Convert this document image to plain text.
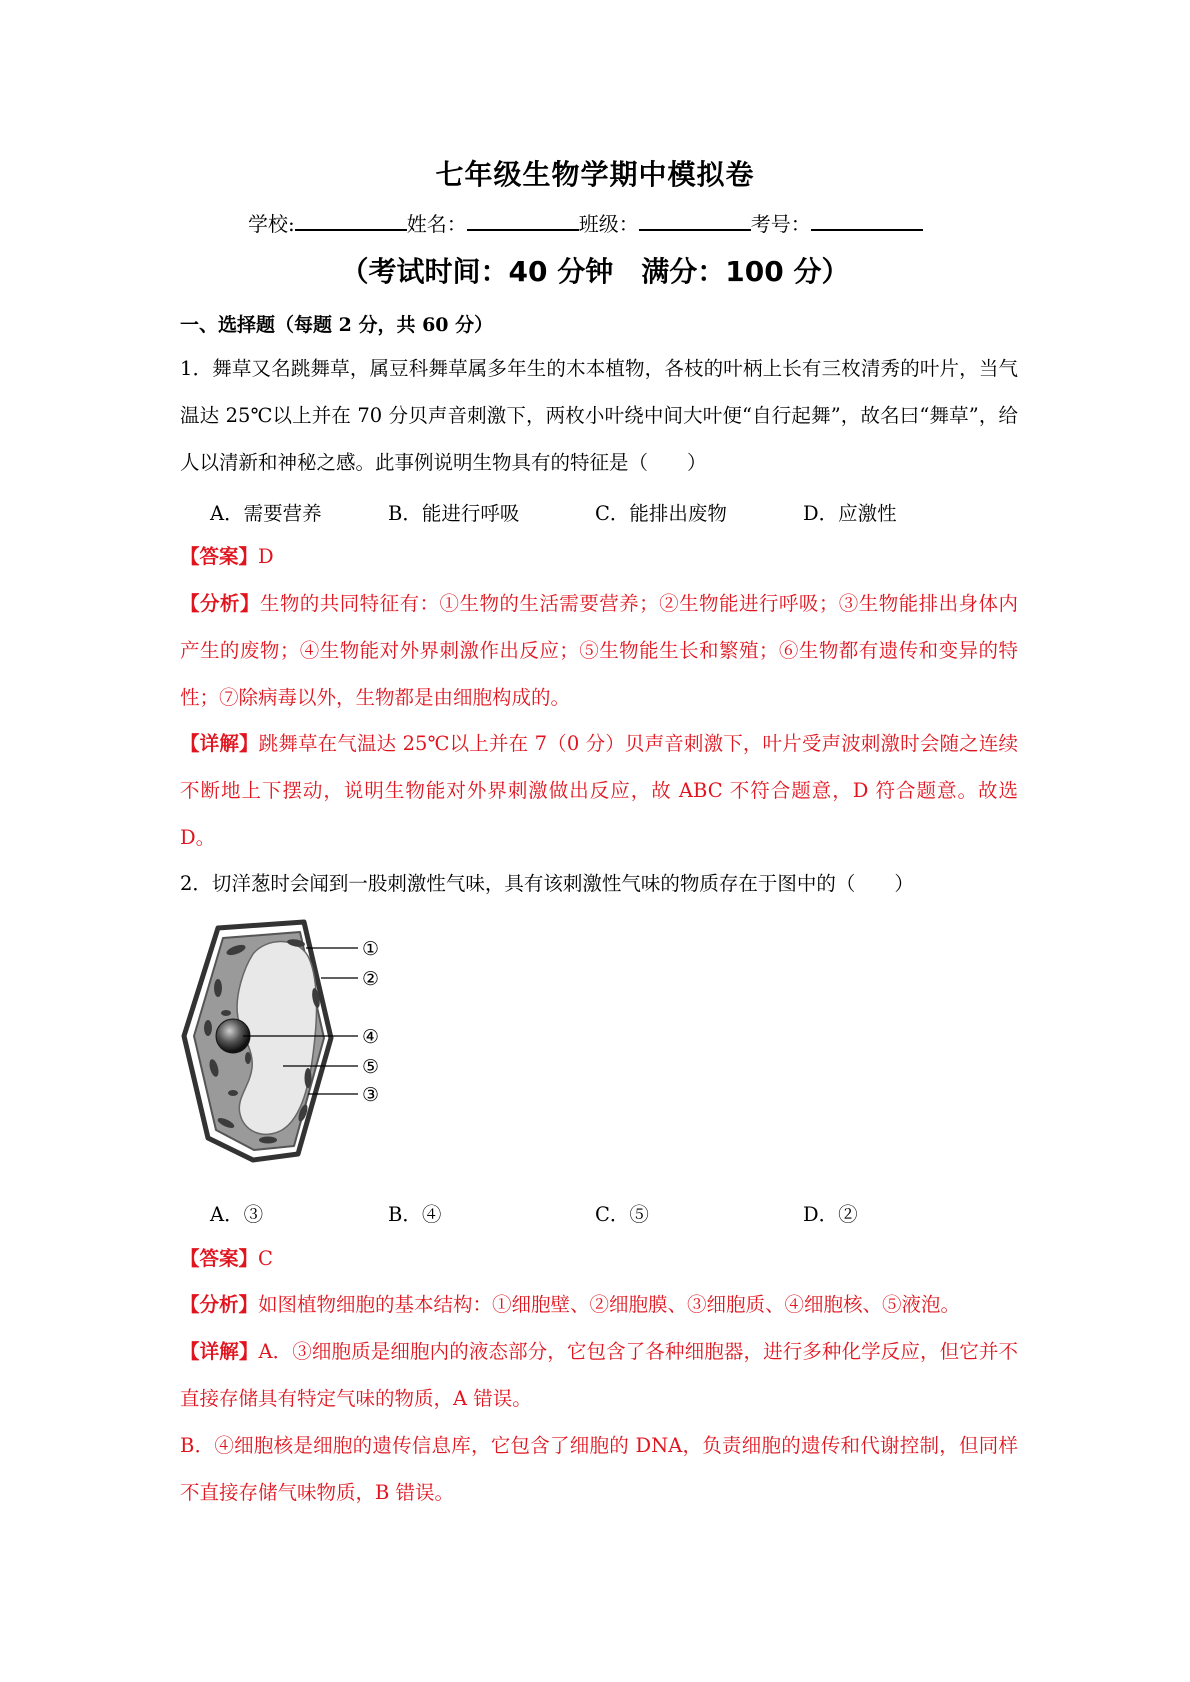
七年级生物学期中模拟卷
学校:	姓名：	班级：	考号：
（考试时间：40 分钟　满分：100 分）
一、选择题（每题 2 分，共 60 分）
1．舞草又名跳舞草，属豆科舞草属多年生的木本植物，各枝的叶柄上长有三枚清秀的叶片，当气温达 25℃以上并在 70 分贝声音刺激下，两枚小叶绕中间大叶便“自行起舞”，故名曰“舞草”，给人以清新和神秘之感。此事例说明生物具有的特征是（　　）
A．需要营养	B．能进行呼吸	C．能排出废物	D．应激性
【答案】D
【分析】生物的共同特征有：①生物的生活需要营养；②生物能进行呼吸；③生物能排出身体内产生的废物；④生物能对外界刺激作出反应；⑤生物能生长和繁殖；⑥生物都有遗传和变异的特性；⑦除病毒以外，生物都是由细胞构成的。
【详解】跳舞草在气温达 25℃以上并在 7（0 分）贝声音刺激下，叶片受声波刺激时会随之连续不断地上下摆动，说明生物能对外界刺激做出反应，故 ABC 不符合题意，D 符合题意。故选 D。
2．切洋葱时会闻到一股刺激性气味，具有该刺激性气味的物质存在于图中的（　　）
①
②
④
⑤
③
A．③	B．④	C．⑤	D．②
【答案】C
【分析】如图植物细胞的基本结构：①细胞壁、②细胞膜、③细胞质、④细胞核、⑤液泡。
【详解】A．③细胞质是细胞内的液态部分，它包含了各种细胞器，进行多种化学反应，但它并不直接存储具有特定气味的物质，A 错误。
B．④细胞核是细胞的遗传信息库，它包含了细胞的 DNA，负责细胞的遗传和代谢控制，但同样不直接存储气味物质，B 错误。
